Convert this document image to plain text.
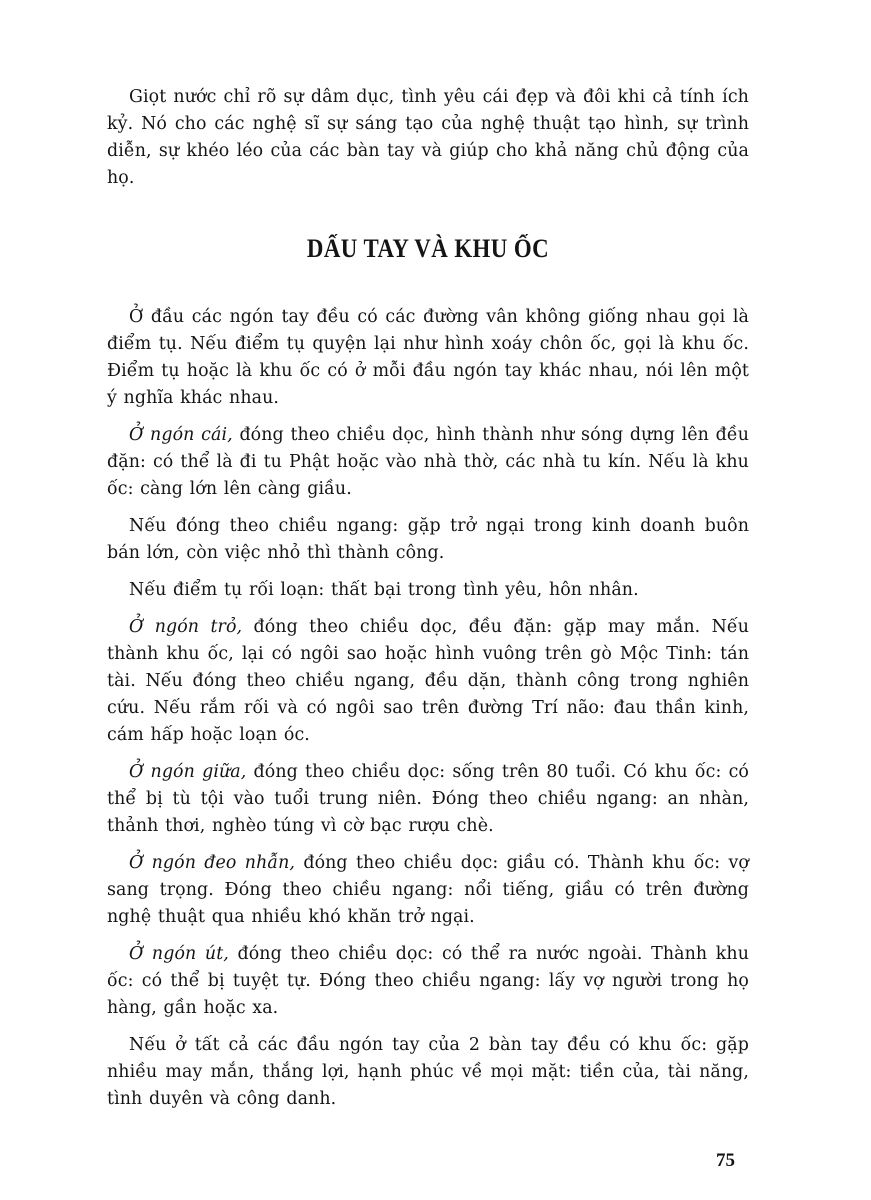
Giọt nước chỉ rõ sự dâm dục, tình yêu cái đẹp và đôi khi cả tính ích kỷ. Nó cho các nghệ sĩ sự sáng tạo của nghệ thuật tạo hình, sự trình diễn, sự khéo léo của các bàn tay và giúp cho khả năng chủ động của họ.

DẤU TAY VÀ KHU ỐC

Ở đầu các ngón tay đều có các đường vân không giống nhau gọi là điểm tụ. Nếu điểm tụ quyện lại như hình xoáy chôn ốc, gọi là khu ốc. Điểm tụ hoặc là khu ốc có ở mỗi đầu ngón tay khác nhau, nói lên một ý nghĩa khác nhau.

Ở ngón cái, đóng theo chiều dọc, hình thành như sóng dựng lên đều đặn: có thể là đi tu Phật hoặc vào nhà thờ, các nhà tu kín. Nếu là khu ốc: càng lớn lên càng giầu.

Nếu đóng theo chiều ngang: gặp trở ngại trong kinh doanh buôn bán lớn, còn việc nhỏ thì thành công.

Nếu điểm tụ rối loạn: thất bại trong tình yêu, hôn nhân.

Ở ngón trỏ, đóng theo chiều dọc, đều đặn: gặp may mắn. Nếu thành khu ốc, lại có ngôi sao hoặc hình vuông trên gò Mộc Tinh: tán tài. Nếu đóng theo chiều ngang, đều dặn, thành công trong nghiên cứu. Nếu rắm rối và có ngôi sao trên đường Trí não: đau thần kinh, cám hấp hoặc loạn óc.

Ở ngón giữa, đóng theo chiều dọc: sống trên 80 tuổi. Có khu ốc: có thể bị tù tội vào tuổi trung niên. Đóng theo chiều ngang: an nhàn, thảnh thơi, nghèo túng vì cờ bạc rượu chè.

Ở ngón đeo nhẫn, đóng theo chiều dọc: giầu có. Thành khu ốc: vợ sang trọng. Đóng theo chiều ngang: nổi tiếng, giầu có trên đường nghệ thuật qua nhiều khó khăn trở ngại.

Ở ngón út, đóng theo chiều dọc: có thể ra nước ngoài. Thành khu ốc: có thể bị tuyệt tự. Đóng theo chiều ngang: lấy vợ người trong họ hàng, gần hoặc xa.

Nếu ở tất cả các đầu ngón tay của 2 bàn tay đều có khu ốc: gặp nhiều may mắn, thắng lợi, hạnh phúc về mọi mặt: tiền của, tài năng, tình duyên và công danh.

75
